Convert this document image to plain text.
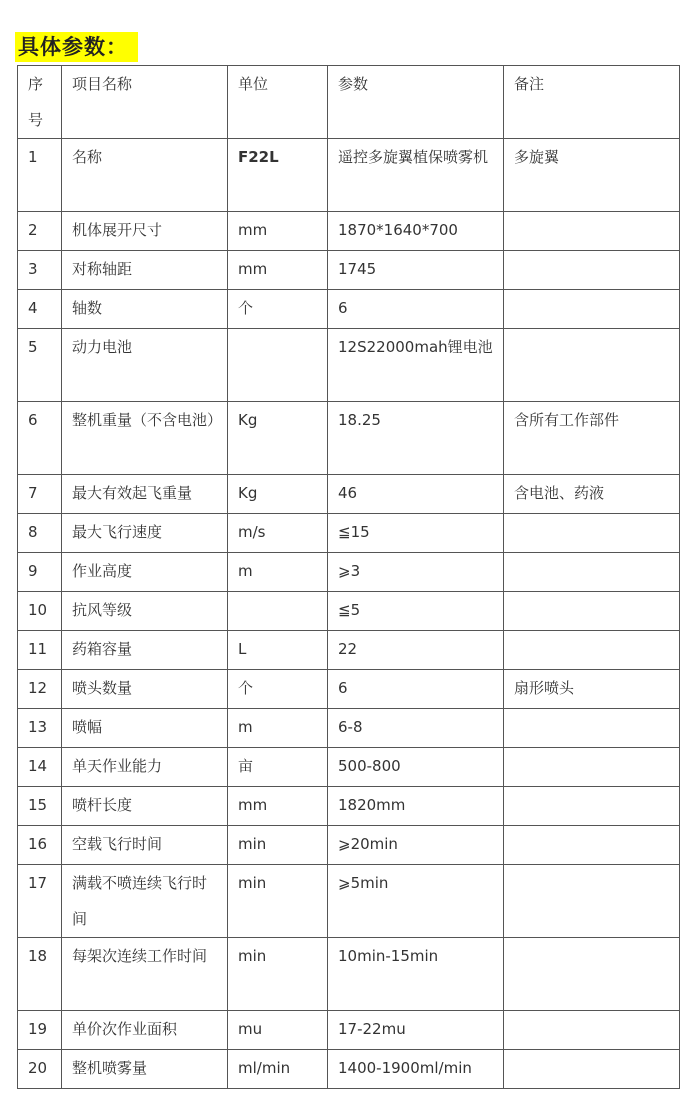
具体参数：
序号	项目名称	单位	参数	备注

1	名称	F22L	遥控多旋翼植保喷雾机	多旋翼

2	机体展开尺寸	mm	1870*1640*700	

3	对称轴距	mm	1745	

4	轴数	个	6	

5	动力电池		12S22000mah锂电池	

6	整机重量（不含电池）	Kg	18.25	含所有工作部件

7	最大有效起飞重量	Kg	46	含电池、药液

8	最大飞行速度	m/s	≦15	

9	作业高度	m	⩾3	

10	抗风等级		≦5	

11	药箱容量	L	22	

12	喷头数量	个	6	扇形喷头

13	喷幅	m	6-8	

14	单天作业能力	亩	500-800	

15	喷杆长度	mm	1820mm	

16	空载飞行时间	min	⩾20min	

17	满载不喷连续飞行时间	min	⩾5min	

18	每架次连续工作时间	min	10min-15min	

19	单价次作业面积	mu	17-22mu	

20	整机喷雾量	ml/min	1400-1900ml/min	
